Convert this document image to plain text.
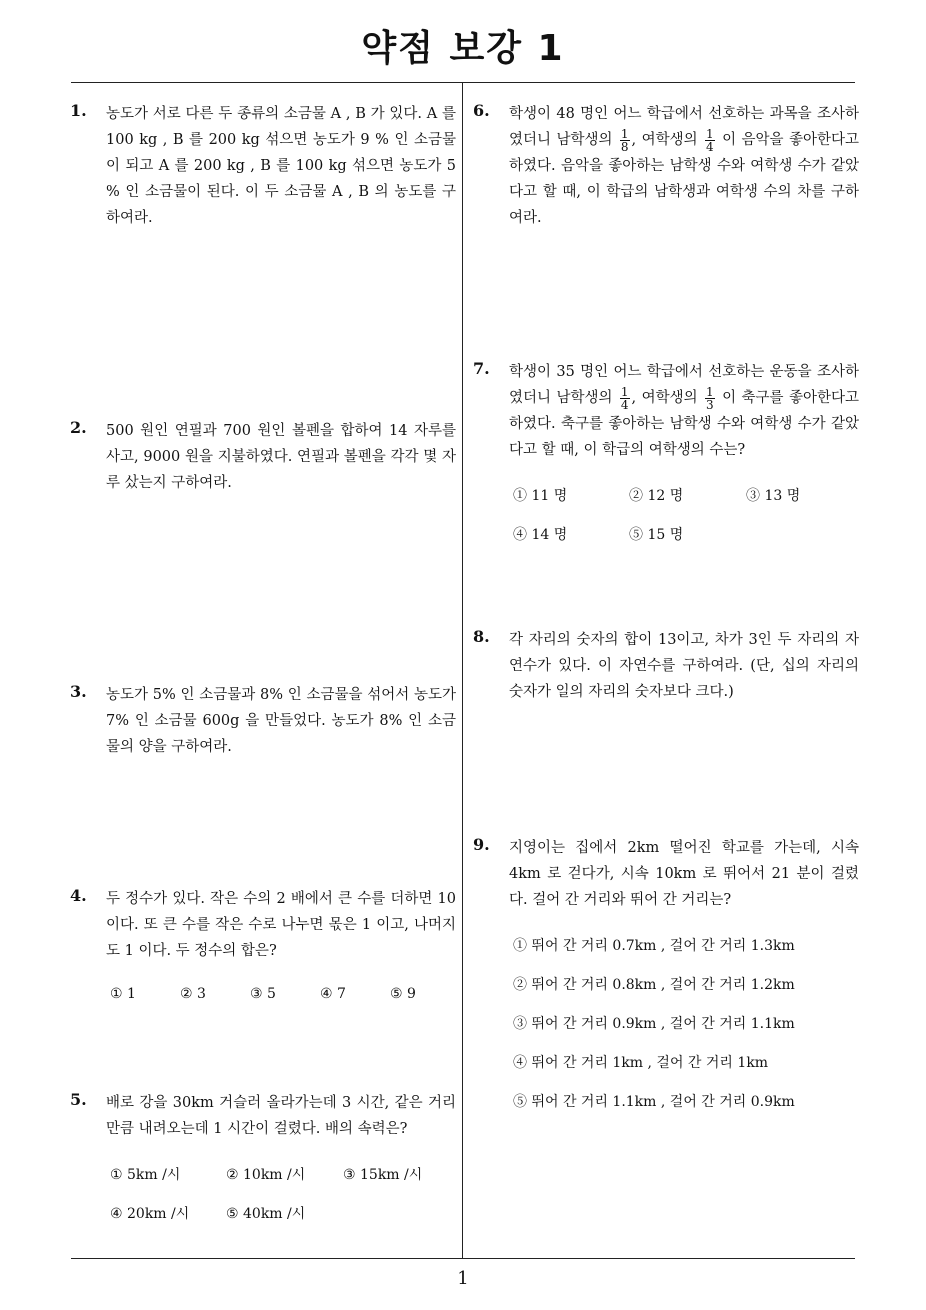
약점 보강 1
1. 농도가 서로 다른 두 종류의 소금물 A , B 가 있다. A 를 100 kg , B 를 200 kg 섞으면 농도가 9 % 인 소금물이 되고 A 를 200 kg , B 를 100 kg 섞으면 농도가 5 % 인 소금물이 된다. 이 두 소금물 A , B 의 농도를 구하여라.
2. 500 원인 연필과 700 원인 볼펜을 합하여 14 자루를 사고, 9000 원을 지불하였다. 연필과 볼펜을 각각 몇 자루 샀는지 구하여라.
3. 농도가 5% 인 소금물과 8% 인 소금물을 섞어서 농도가 7% 인 소금물 600g 을 만들었다. 농도가 8% 인 소금물의 양을 구하여라.
4. 두 정수가 있다. 작은 수의 2 배에서 큰 수를 더하면 10 이다. 또 큰 수를 작은 수로 나누면 몫은 1 이고, 나머지도 1 이다. 두 정수의 합은?
① 1	② 3	③ 5	④ 7	⑤ 9
5. 배로 강을 30km 거슬러 올라가는데 3 시간, 같은 거리만큼 내려오는데 1 시간이 걸렸다. 배의 속력은?
① 5km /시	② 10km /시	③ 15km /시
④ 20km /시	⑤ 40km /시
6. 학생이 48 명인 어느 학급에서 선호하는 과목을 조사하였더니 남학생의 $\frac{1}{8}$ , 여학생의 $\frac{1}{4}$ 이 음악을 좋아한다고 하였다. 음악을 좋아하는 남학생 수와 여학생 수가 같았다고 할 때, 이 학급의 남학생과 여학생 수의 차를 구하여라.
7. 학생이 35 명인 어느 학급에서 선호하는 운동을 조사하였더니 남학생의 $\frac{1}{4}$ , 여학생의 $\frac{1}{3}$ 이 축구를 좋아한다고 하였다. 축구를 좋아하는 남학생 수와 여학생 수가 같았다고 할 때, 이 학급의 여학생의 수는?
① 11 명	② 12 명	③ 13 명
④ 14 명	⑤ 15 명
8. 각 자리의 숫자의 합이 13이고, 차가 3인 두 자리의 자연수가 있다. 이 자연수를 구하여라. (단, 십의 자리의 숫자가 일의 자리의 숫자보다 크다.)
9. 지영이는 집에서 2km 떨어진 학교를 가는데, 시속 4km 로 걷다가, 시속 10km 로 뛰어서 21 분이 걸렸다. 걸어 간 거리와 뛰어 간 거리는?
① 뛰어 간 거리 0.7km , 걸어 간 거리 1.3km
② 뛰어 간 거리 0.8km , 걸어 간 거리 1.2km
③ 뛰어 간 거리 0.9km , 걸어 간 거리 1.1km
④ 뛰어 간 거리 1km , 걸어 간 거리 1km
⑤ 뛰어 간 거리 1.1km , 걸어 간 거리 0.9km
1
